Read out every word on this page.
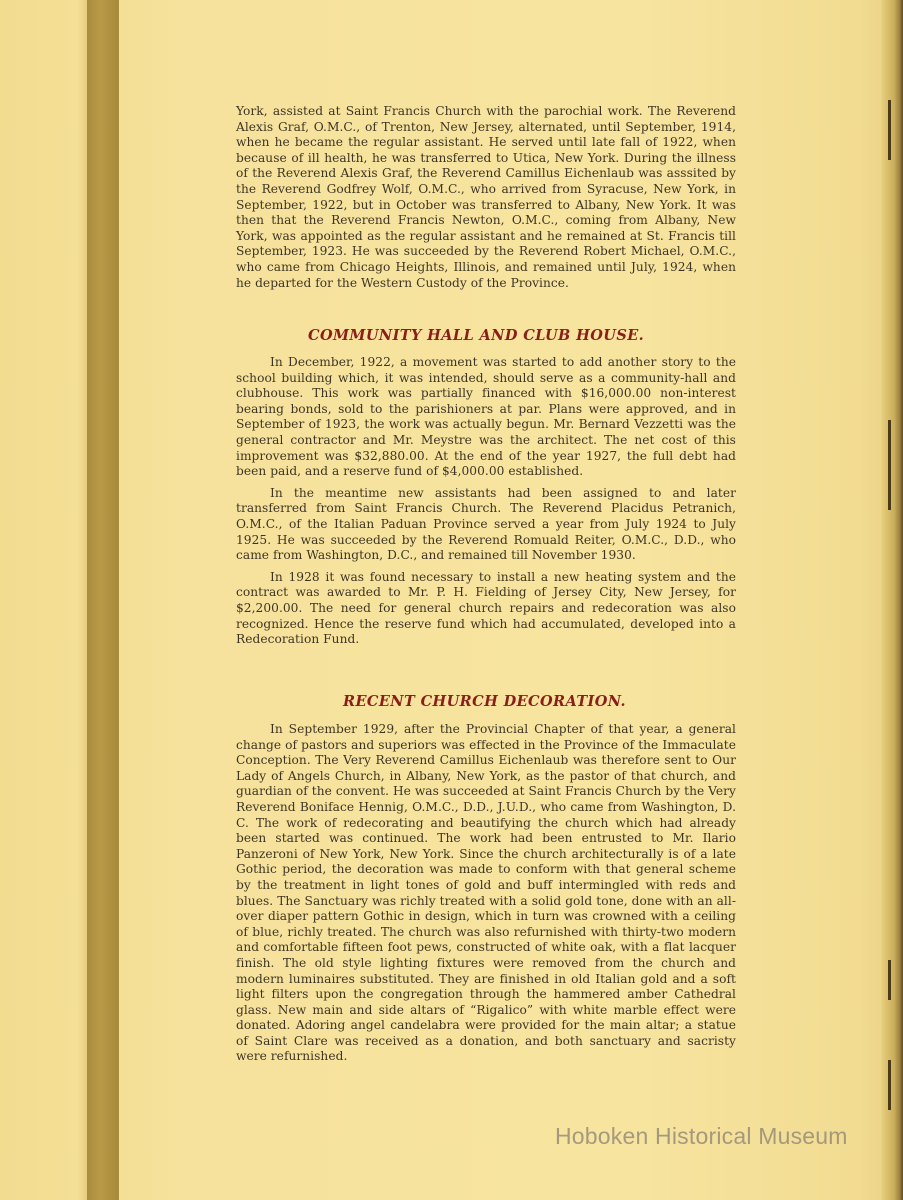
York, assisted at Saint Francis Church with the parochial work. The Reverend Alexis Graf, O.M.C., of Trenton, New Jersey, alternated, until September, 1914, when he became the regular assistant. He served until late fall of 1922, when because of ill health, he was transferred to Utica, New York. During the illness of the Reverend Alexis Graf, the Reverend Camillus Eichenlaub was asssited by the Reverend Godfrey Wolf, O.M.C., who arrived from Syracuse, New York, in September, 1922, but in October was transferred to Albany, New York. It was then that the Reverend Francis Newton, O.M.C., coming from Albany, New York, was appointed as the regular assistant and he remained at St. Francis till September, 1923. He was succeeded by the Reverend Robert Michael, O.M.C., who came from Chicago Heights, Illinois, and remained until July, 1924, when he departed for the Western Custody of the Province.

COMMUNITY HALL AND CLUB HOUSE.

In December, 1922, a movement was started to add another story to the school building which, it was intended, should serve as a community-hall and clubhouse. This work was partially financed with $16,000.00 non-interest bearing bonds, sold to the parishioners at par. Plans were approved, and in September of 1923, the work was actually begun. Mr. Bernard Vezzetti was the general contractor and Mr. Meystre was the architect. The net cost of this improvement was $32,880.00. At the end of the year 1927, the full debt had been paid, and a reserve fund of $4,000.00 established.

In the meantime new assistants had been assigned to and later transferred from Saint Francis Church. The Reverend Placidus Petranich, O.M.C., of the Italian Paduan Province served a year from July 1924 to July 1925. He was succeeded by the Reverend Romuald Reiter, O.M.C., D.D., who came from Washington, D.C., and remained till November 1930.

In 1928 it was found necessary to install a new heating system and the contract was awarded to Mr. P. H. Fielding of Jersey City, New Jersey, for $2,200.00. The need for general church repairs and redecoration was also recognized. Hence the reserve fund which had accumulated, developed into a Redecoration Fund.

RECENT CHURCH DECORATION.

In September 1929, after the Provincial Chapter of that year, a general change of pastors and superiors was effected in the Province of the Immaculate Conception. The Very Reverend Camillus Eichenlaub was therefore sent to Our Lady of Angels Church, in Albany, New York, as the pastor of that church, and guardian of the convent. He was succeeded at Saint Francis Church by the Very Reverend Boniface Hennig, O.M.C., D.D., J.U.D., who came from Washington, D. C. The work of redecorating and beautifying the church which had already been started was continued. The work had been entrusted to Mr. Ilario Panzeroni of New York, New York. Since the church architecturally is of a late Gothic period, the decoration was made to conform with that general scheme by the treatment in light tones of gold and buff intermingled with reds and blues. The Sanctuary was richly treated with a solid gold tone, done with an all-over diaper pattern Gothic in design, which in turn was crowned with a ceiling of blue, richly treated. The church was also refurnished with thirty-two modern and comfortable fifteen foot pews, constructed of white oak, with a flat lacquer finish. The old style lighting fixtures were removed from the church and modern luminaires substituted. They are finished in old Italian gold and a soft light filters upon the congregation through the hammered amber Cathedral glass. New main and side altars of “Rigalico” with white marble effect were donated. Adoring angel candelabra were provided for the main altar; a statue of Saint Clare was received as a donation, and both sanctuary and sacristy were refurnished.

Hoboken Historical Museum
